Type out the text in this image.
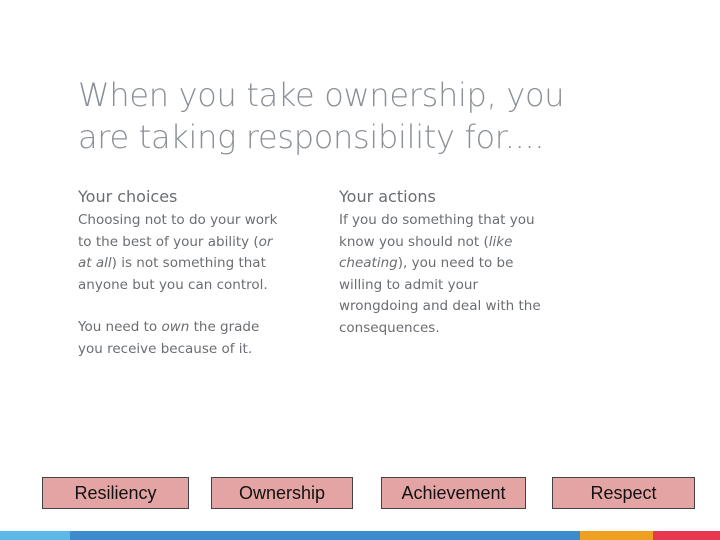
When you take ownership, you
are taking responsibility for....
Your choices
Choosing not to do your work
to the best of your ability (or
at all) is not something that
anyone but you can control.
You need to own the grade
you receive because of it.
Your actions
If you do something that you
know you should not (like
cheating), you need to be
willing to admit your
wrongdoing and deal with the
consequences.
Resiliency	Ownership	Achievement	Respect
